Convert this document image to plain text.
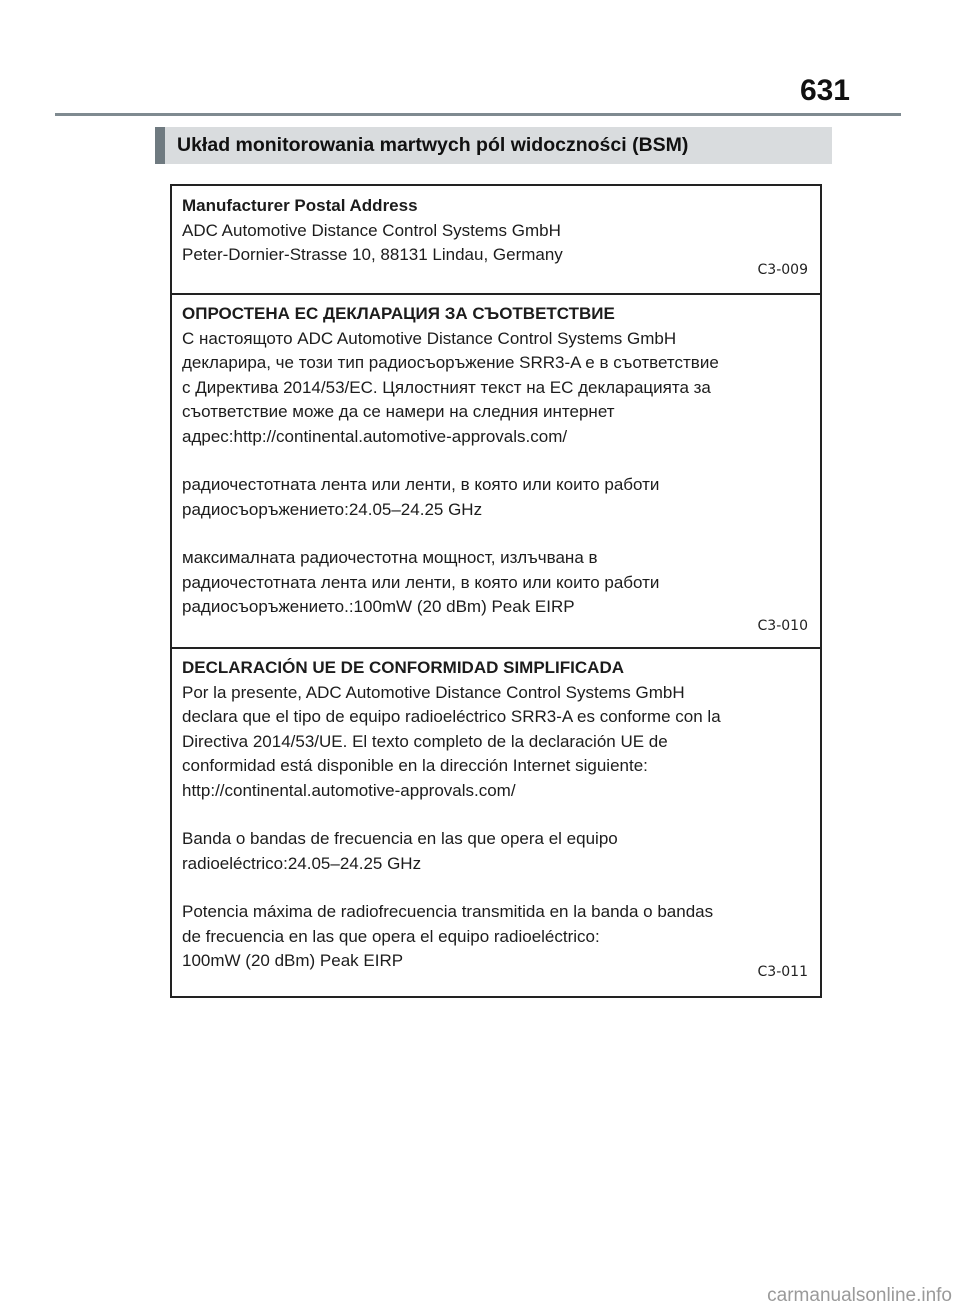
631
Układ monitorowania martwych pól widoczności (BSM)
Manufacturer Postal Address
ADC Automotive Distance Control Systems GmbH
Peter-Dornier-Strasse 10, 88131 Lindau, Germany
C3-009
ОПРОСТЕНА ЕС ДЕКЛАРАЦИЯ ЗА СЪОТВЕТСТВИЕ
С настоящото ADC Automotive Distance Control Systems GmbH
декларира, че този тип радиосъоръжение SRR3-A е в съответствие
с Директива 2014/53/ЕС. Цялостният текст на ЕС декларацията за
съответствие може да се намери на следния интернет
адрес:http://continental.automotive-approvals.com/
радиочестотната лента или ленти, в която или които работи
радиосъоръжението:24.05–24.25 GHz
максималната радиочестотна мощност, излъчвана в
радиочестотната лента или ленти, в която или които работи
радиосъоръжението.:100mW (20 dBm) Peak EIRP
C3-010
DECLARACIÓN UE DE CONFORMIDAD SIMPLIFICADA
Por la presente, ADC Automotive Distance Control Systems GmbH
declara que el tipo de equipo radioeléctrico SRR3-A es conforme con la
Directiva 2014/53/UE. El texto completo de la declaración UE de
conformidad está disponible en la dirección Internet siguiente:
http://continental.automotive-approvals.com/
Banda o bandas de frecuencia en las que opera el equipo
radioeléctrico:24.05–24.25 GHz
Potencia máxima de radiofrecuencia transmitida en la banda o bandas
de frecuencia en las que opera el equipo radioeléctrico:
100mW (20 dBm) Peak EIRP
C3-011
carmanualsonline.info
